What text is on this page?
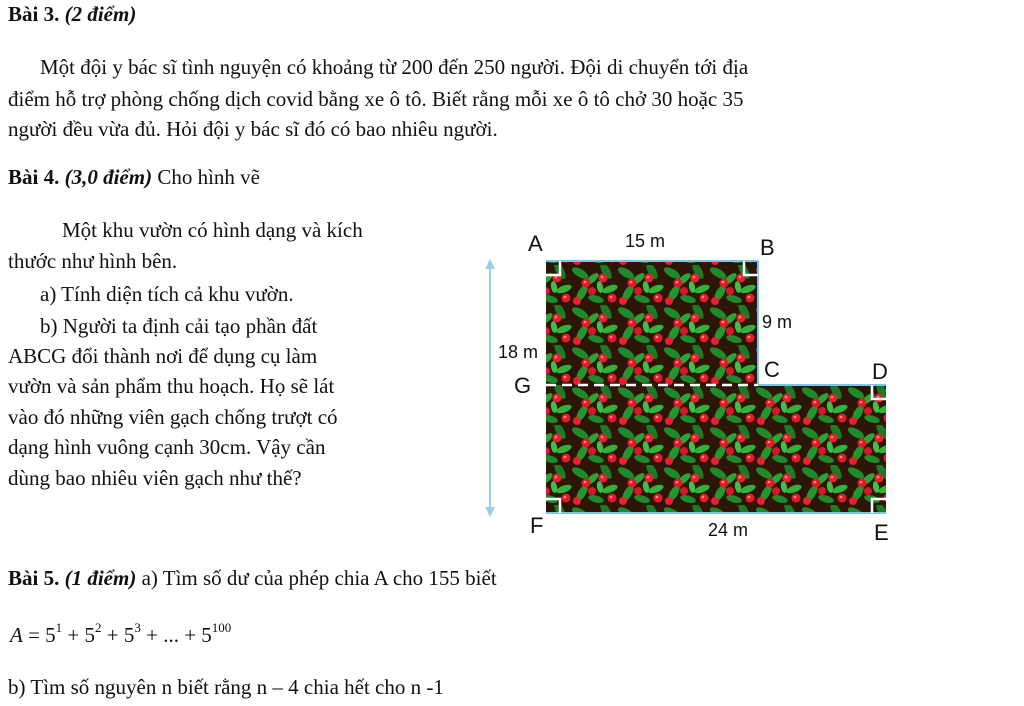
Bài 3. (2 điểm)
Một đội y bác sĩ tình nguyện có khoảng từ 200 đến 250 người. Đội di chuyển tới địa
điểm hỗ trợ phòng chống dịch covid bằng xe ô tô. Biết rằng mỗi xe ô tô chở 30 hoặc 35
người đều vừa đủ. Hỏi đội y bác sĩ đó có bao nhiêu người.
Bài 4. (3,0 điểm) Cho hình vẽ
Một khu vườn có hình dạng và kích
thước như hình bên.
a) Tính diện tích cả khu vườn.
b) Người ta định cải tạo phần đất
ABCG đổi thành nơi để dụng cụ làm
vườn và sản phẩm thu hoạch. Họ sẽ lát
vào đó những viên gạch chống trượt có
dạng hình vuông cạnh 30cm. Vậy cần
dùng bao nhiêu viên gạch như thế?
A	B
C	D
E
F
G
15 m
9 m
18 m
24 m
Bài 5. (1 điểm) a) Tìm số dư của phép chia A cho 155 biết
$A = 5^1 + 5^2 + 5^3$ + ... + $5^{100}$
b) Tìm số nguyên n biết rằng n – 4 chia hết cho n -1
